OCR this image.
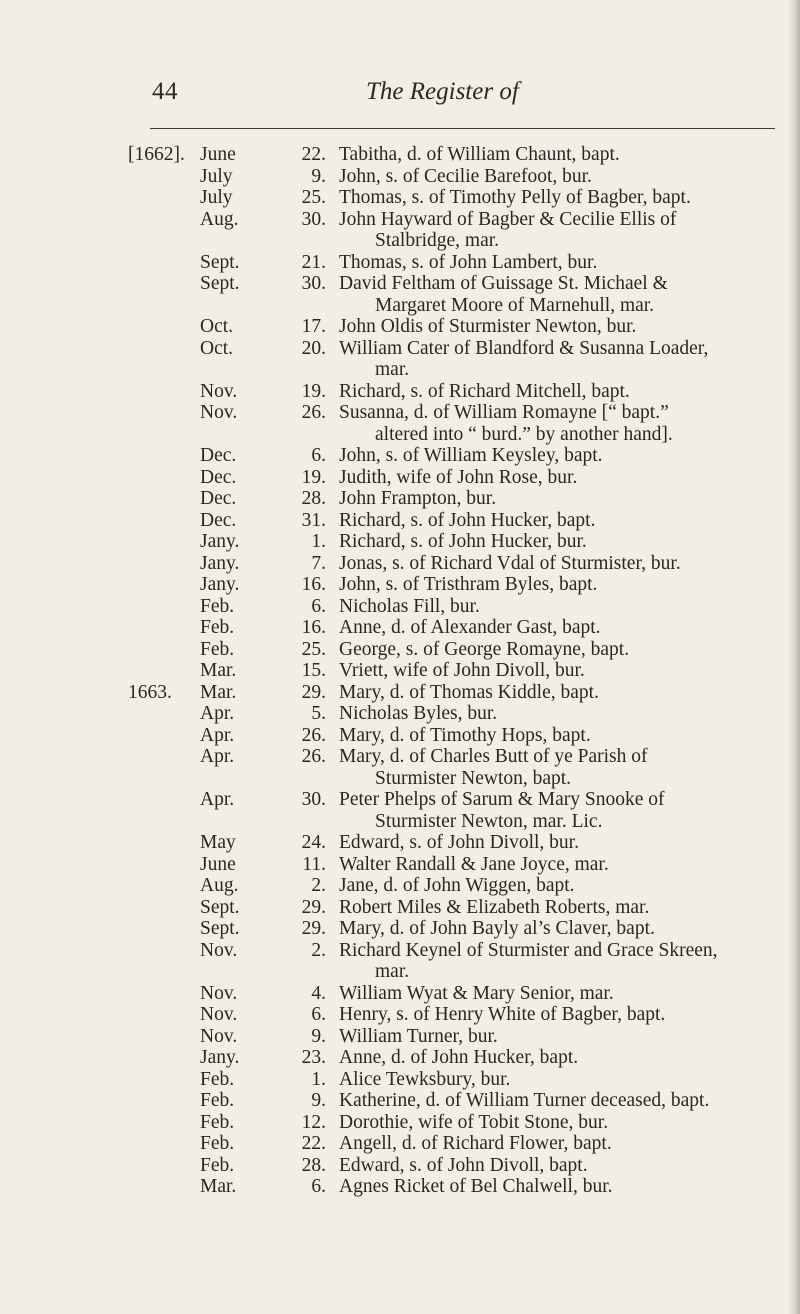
44	The Register of
[1662]. June	22. Tabitha, d. of William Chaunt, bapt.
July	9. John, s. of Cecilie Barefoot, bur.
July	25. Thomas, s. of Timothy Pelly of Bagber, bapt.
Aug.	30. John Hayward of Bagber & Cecilie Ellis of
Stalbridge, mar.
Sept.	21. Thomas, s. of John Lambert, bur.
Sept.	30. David Feltham of Guissage St. Michael &
Margaret Moore of Marnehull, mar.
Oct.	17. John Oldis of Sturmister Newton, bur.
Oct.	20. William Cater of Blandford & Susanna Loader,
mar.
Nov.	19. Richard, s. of Richard Mitchell, bapt.
Nov.	26. Susanna, d. of William Romayne [“ bapt.”
altered into “ burd.” by another hand].
Dec.	6. John, s. of William Keysley, bapt.
Dec.	19. Judith, wife of John Rose, bur.
Dec.	28. John Frampton, bur.
Dec.	31. Richard, s. of John Hucker, bapt.
Jany.	1. Richard, s. of John Hucker, bur.
Jany.	7. Jonas, s. of Richard Vdal of Sturmister, bur.
Jany.	16. John, s. of Tristhram Byles, bapt.
Feb.	6. Nicholas Fill, bur.
Feb.	16. Anne, d. of Alexander Gast, bapt.
Feb.	25. George, s. of George Romayne, bapt.
Mar.	15. Vriett, wife of John Divoll, bur.
1663.	Mar.	29. Mary, d. of Thomas Kiddle, bapt.
Apr.	5. Nicholas Byles, bur.
Apr.	26. Mary, d. of Timothy Hops, bapt.
Apr.	26. Mary, d. of Charles Butt of ye Parish of
Sturmister Newton, bapt.
Apr.	30. Peter Phelps of Sarum & Mary Snooke of
Sturmister Newton, mar. Lic.
May	24. Edward, s. of John Divoll, bur.
June	11. Walter Randall & Jane Joyce, mar.
Aug.	2. Jane, d. of John Wiggen, bapt.
Sept.	29. Robert Miles & Elizabeth Roberts, mar.
Sept.	29. Mary, d. of John Bayly al’s Claver, bapt.
Nov.	2. Richard Keynel of Sturmister and Grace Skreen,
mar.
Nov.	4. William Wyat & Mary Senior, mar.
Nov.	6. Henry, s. of Henry White of Bagber, bapt.
Nov.	9. William Turner, bur.
Jany.	23. Anne, d. of John Hucker, bapt.
Feb.	1. Alice Tewksbury, bur.
Feb.	9. Katherine, d. of William Turner deceased, bapt.
Feb.	12. Dorothie, wife of Tobit Stone, bur.
Feb.	22. Angell, d. of Richard Flower, bapt.
Feb.	28. Edward, s. of John Divoll, bapt.
Mar.	6. Agnes Ricket of Bel Chalwell, bur.
